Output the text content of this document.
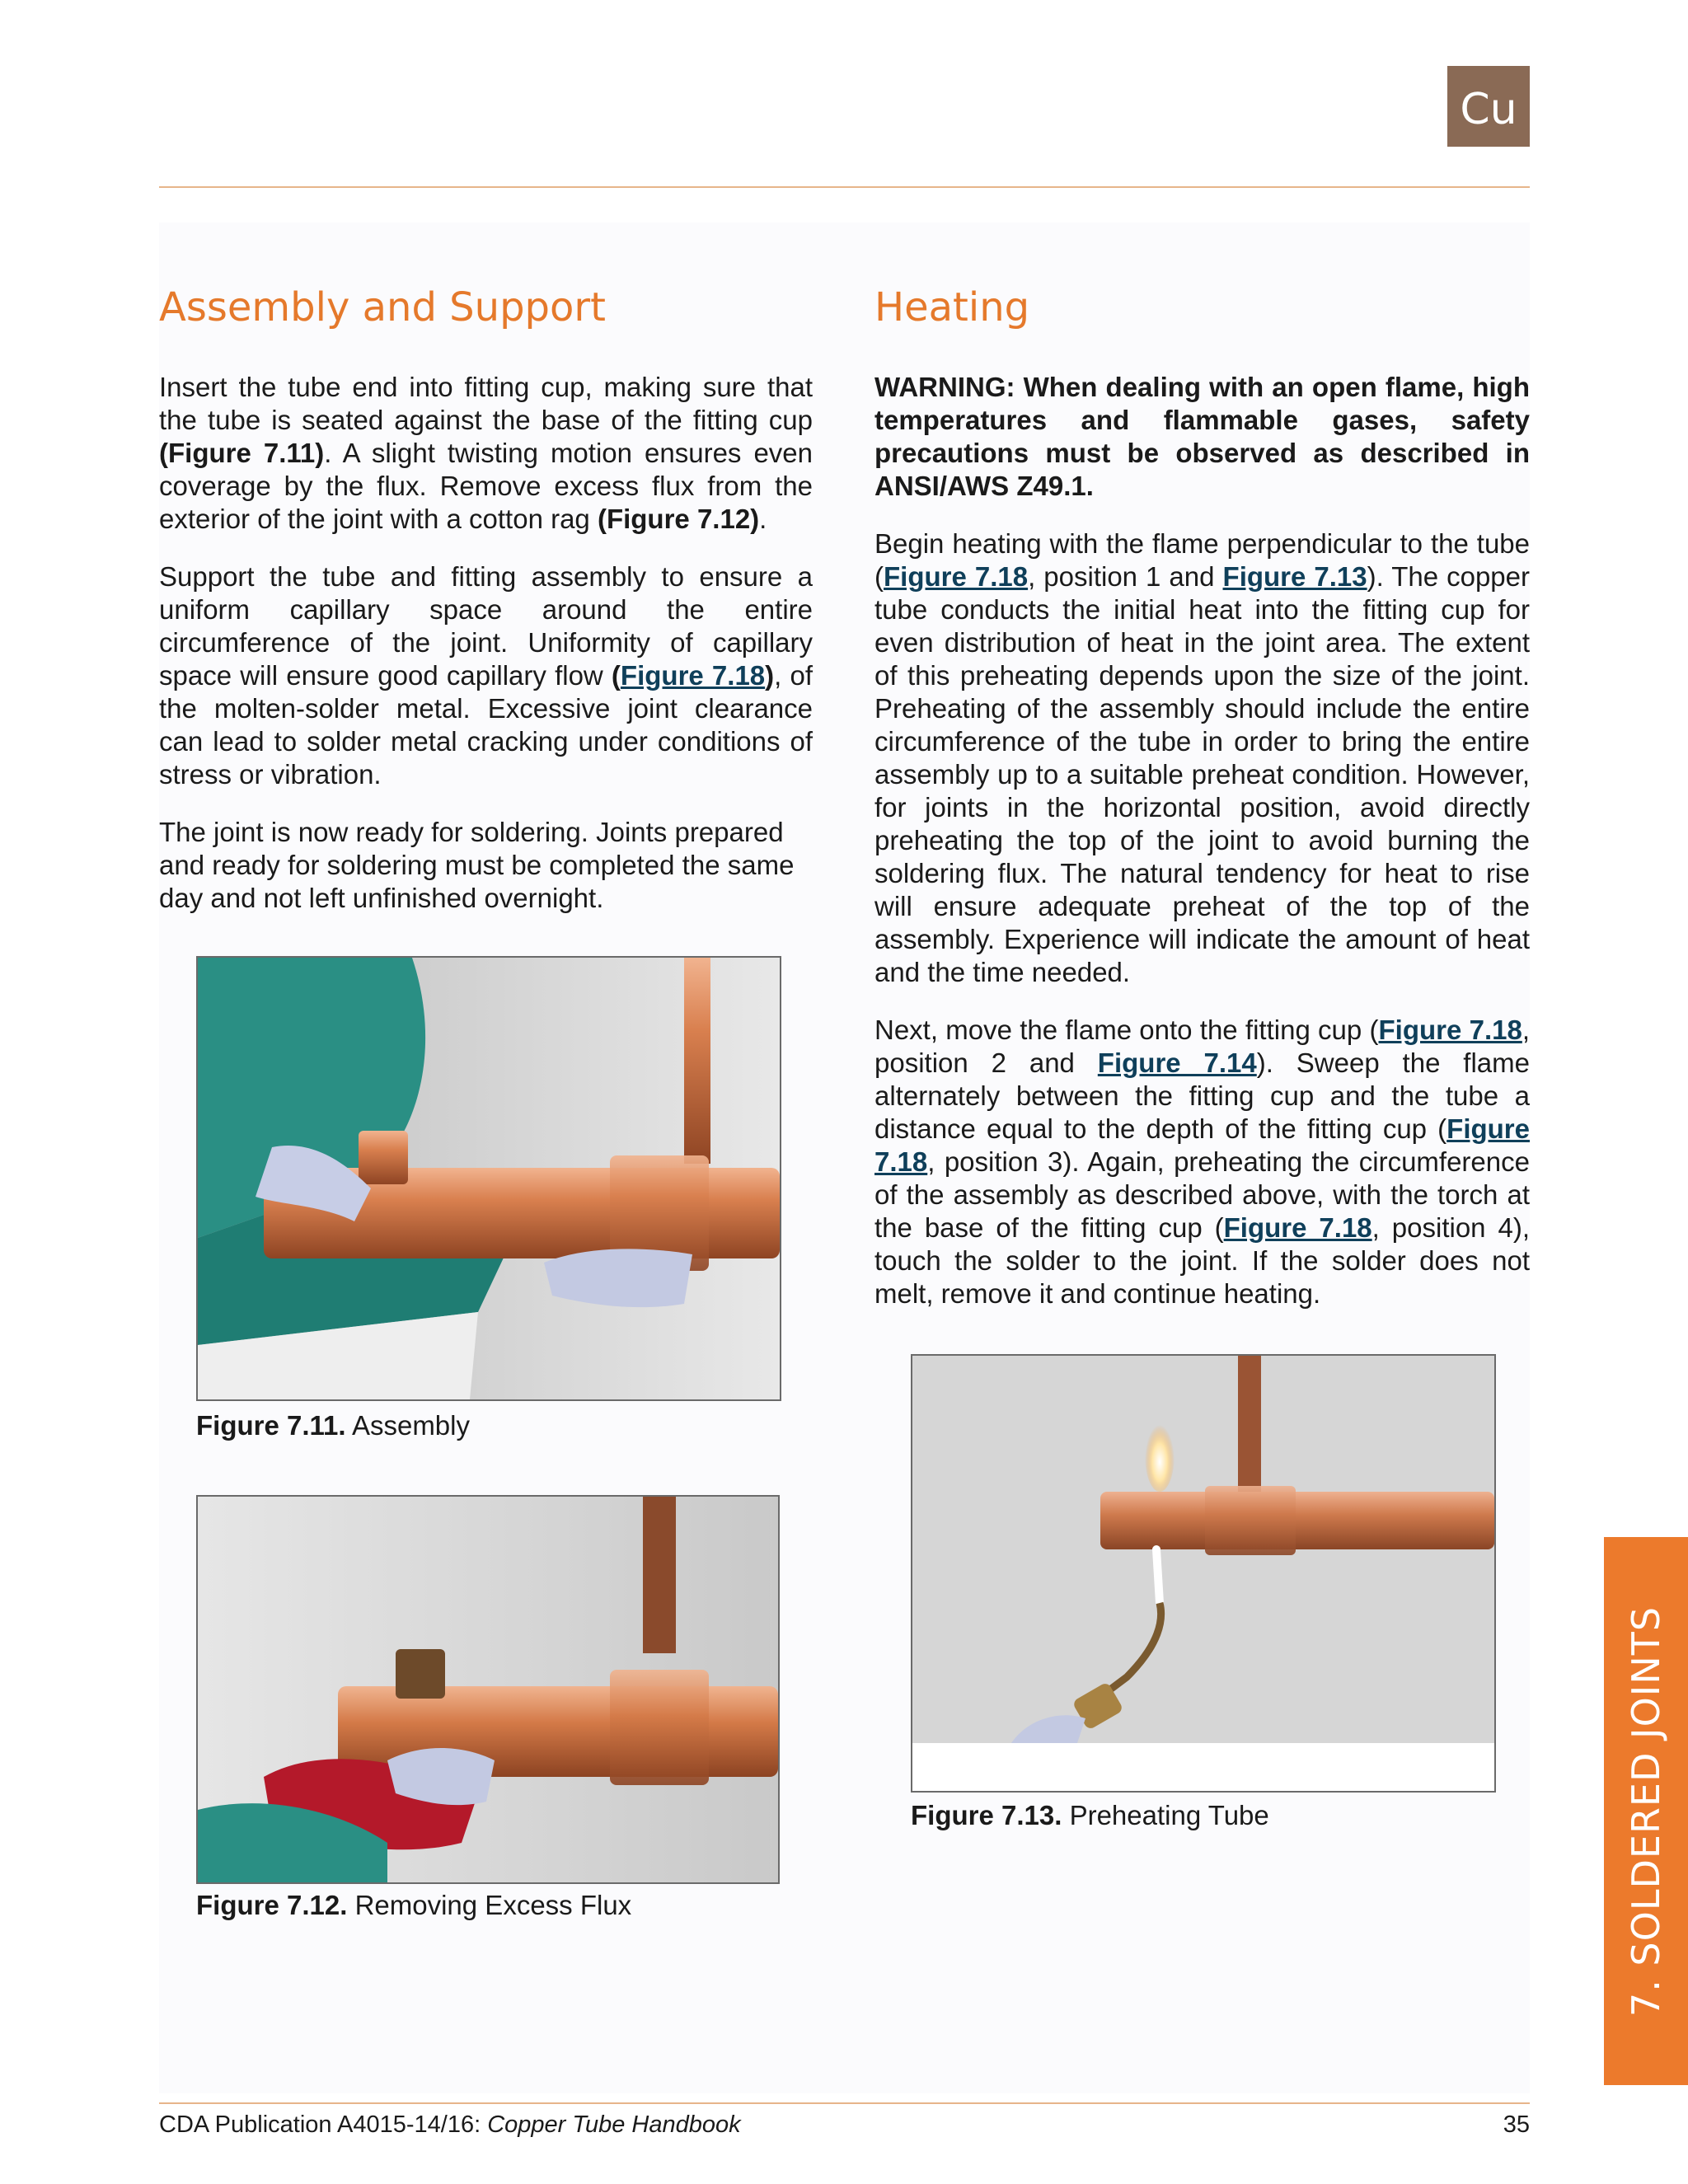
Cu
Assembly and Support

Insert the tube end into fitting cup, making sure that the tube is seated against the base of the fitting cup (Figure 7.11). A slight twisting motion ensures even coverage by the flux. Remove excess flux from the exterior of the joint with a cotton rag (Figure 7.12).

Support the tube and fitting assembly to ensure a uniform capillary space around the entire circumference of the joint. Uniformity of capillary space will ensure good capillary flow (Figure 7.18), of the molten-solder metal. Excessive joint clearance can lead to solder metal cracking under conditions of stress or vibration.

The joint is now ready for soldering. Joints prepared and ready for soldering must be completed the same day and not left unfinished overnight.

Figure 7.11. Assembly
Figure 7.12. Removing Excess Flux
Heating

WARNING: When dealing with an open flame, high temperatures and flammable gases, safety precautions must be observed as described in ANSI/AWS Z49.1.

Begin heating with the flame perpendicular to the tube (Figure 7.18, position 1 and Figure 7.13). The copper tube conducts the initial heat into the fitting cup for even distribution of heat in the joint area. The extent of this preheating depends upon the size of the joint. Preheating of the assembly should include the entire circumference of the tube in order to bring the entire assembly up to a suitable preheat condition. However, for joints in the horizontal position, avoid directly preheating the top of the joint to avoid burning the soldering flux. The natural tendency for heat to rise will ensure adequate preheat of the top of the assembly. Experience will indicate the amount of heat and the time needed.

Next, move the flame onto the fitting cup (Figure 7.18, position 2 and Figure 7.14). Sweep the flame alternately between the fitting cup and the tube a distance equal to the depth of the fitting cup (Figure 7.18, position 3). Again, preheating the circumference of the assembly as described above, with the torch at the base of the fitting cup (Figure 7.18, position 4), touch the solder to the joint. If the solder does not melt, remove it and continue heating.

Figure 7.13. Preheating Tube	7. SOLDERED JOINTS
CDA Publication A4015-14/16: Copper Tube Handbook	35
